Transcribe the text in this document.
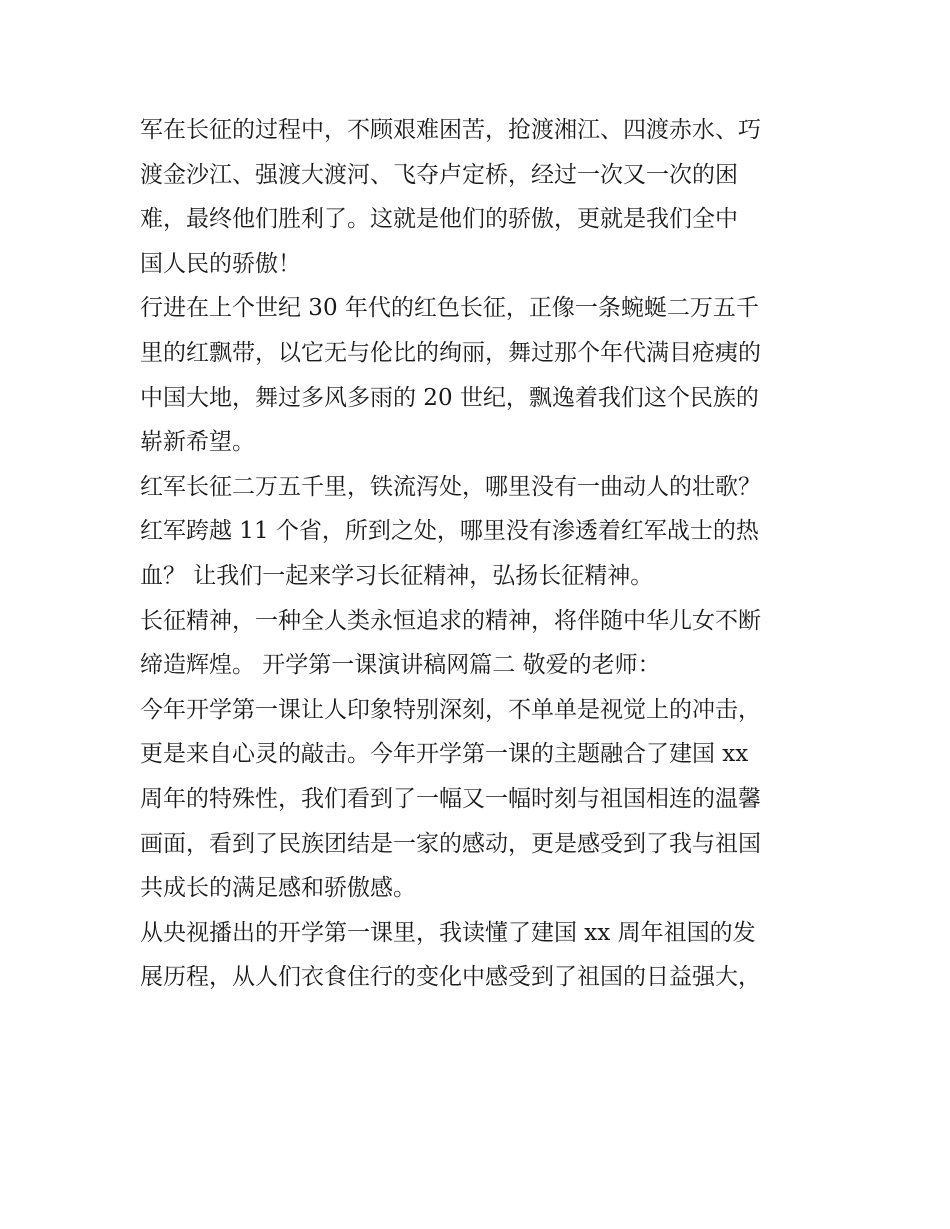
军在长征的过程中，不顾艰难困苦，抢渡湘江、四渡赤水、巧
渡金沙江、强渡大渡河、飞夺卢定桥，经过一次又一次的困
难，最终他们胜利了。这就是他们的骄傲，更就是我们全中
国人民的骄傲！
行进在上个世纪 30 年代的红色长征，正像一条蜿蜒二万五千
里的红飘带，以它无与伦比的绚丽，舞过那个年代满目疮痍的
中国大地，舞过多风多雨的 20 世纪，飘逸着我们这个民族的
崭新希望。
红军长征二万五千里，铁流泻处，哪里没有一曲动人的壮歌？
红军跨越 11 个省，所到之处，哪里没有渗透着红军战士的热
血？ 让我们一起来学习长征精神，弘扬长征精神。
长征精神，一种全人类永恒追求的精神，将伴随中华儿女不断
缔造辉煌。 开学第一课演讲稿网篇二 敬爱的老师：
今年开学第一课让人印象特别深刻，不单单是视觉上的冲击，
更是来自心灵的敲击。今年开学第一课的主题融合了建国 xx
周年的特殊性，我们看到了一幅又一幅时刻与祖国相连的温馨
画面，看到了民族团结是一家的感动，更是感受到了我与祖国
共成长的满足感和骄傲感。
从央视播出的开学第一课里，我读懂了建国 xx 周年祖国的发
展历程，从人们衣食住行的变化中感受到了祖国的日益强大，
